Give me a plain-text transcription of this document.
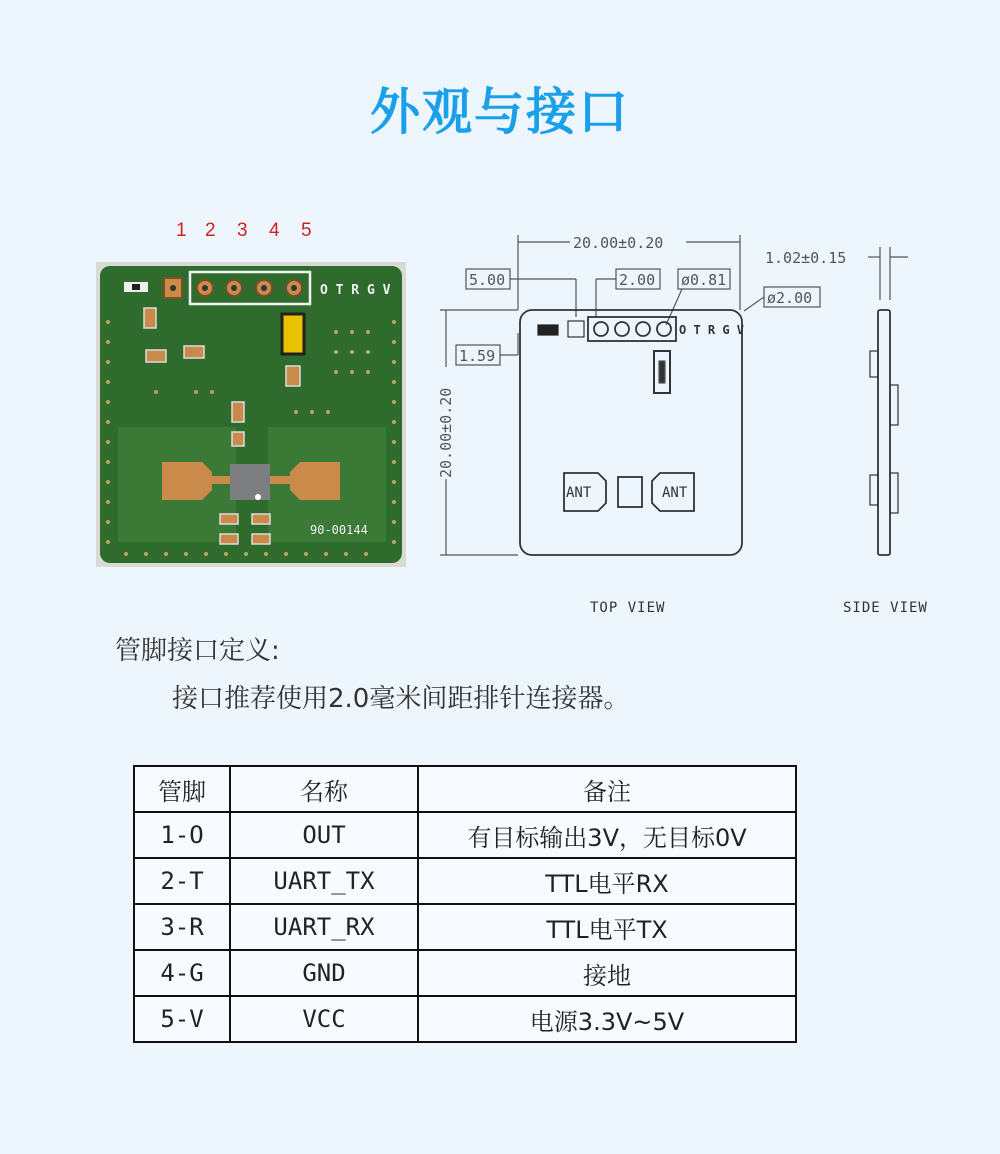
外观与接口
1 2 3 4 5
O T R G V
90-00144
20.00±0.20
5.00	2.00 ø0.81
ø2.00
1.59
20.00±0.20
O T R G V
ANT	ANT
1.02±0.15
TOP VIEW	SIDE VIEW
管脚接口定义:
接口推荐使用2.0毫米间距排针连接器。
管脚	名称	备注
1-O	OUT	有目标输出3V，无目标0V
2-T	UART_TX	TTL电平RX
3-R	UART_RX	TTL电平TX
4-G	GND	接地
5-V	VCC	电源3.3V~5V
